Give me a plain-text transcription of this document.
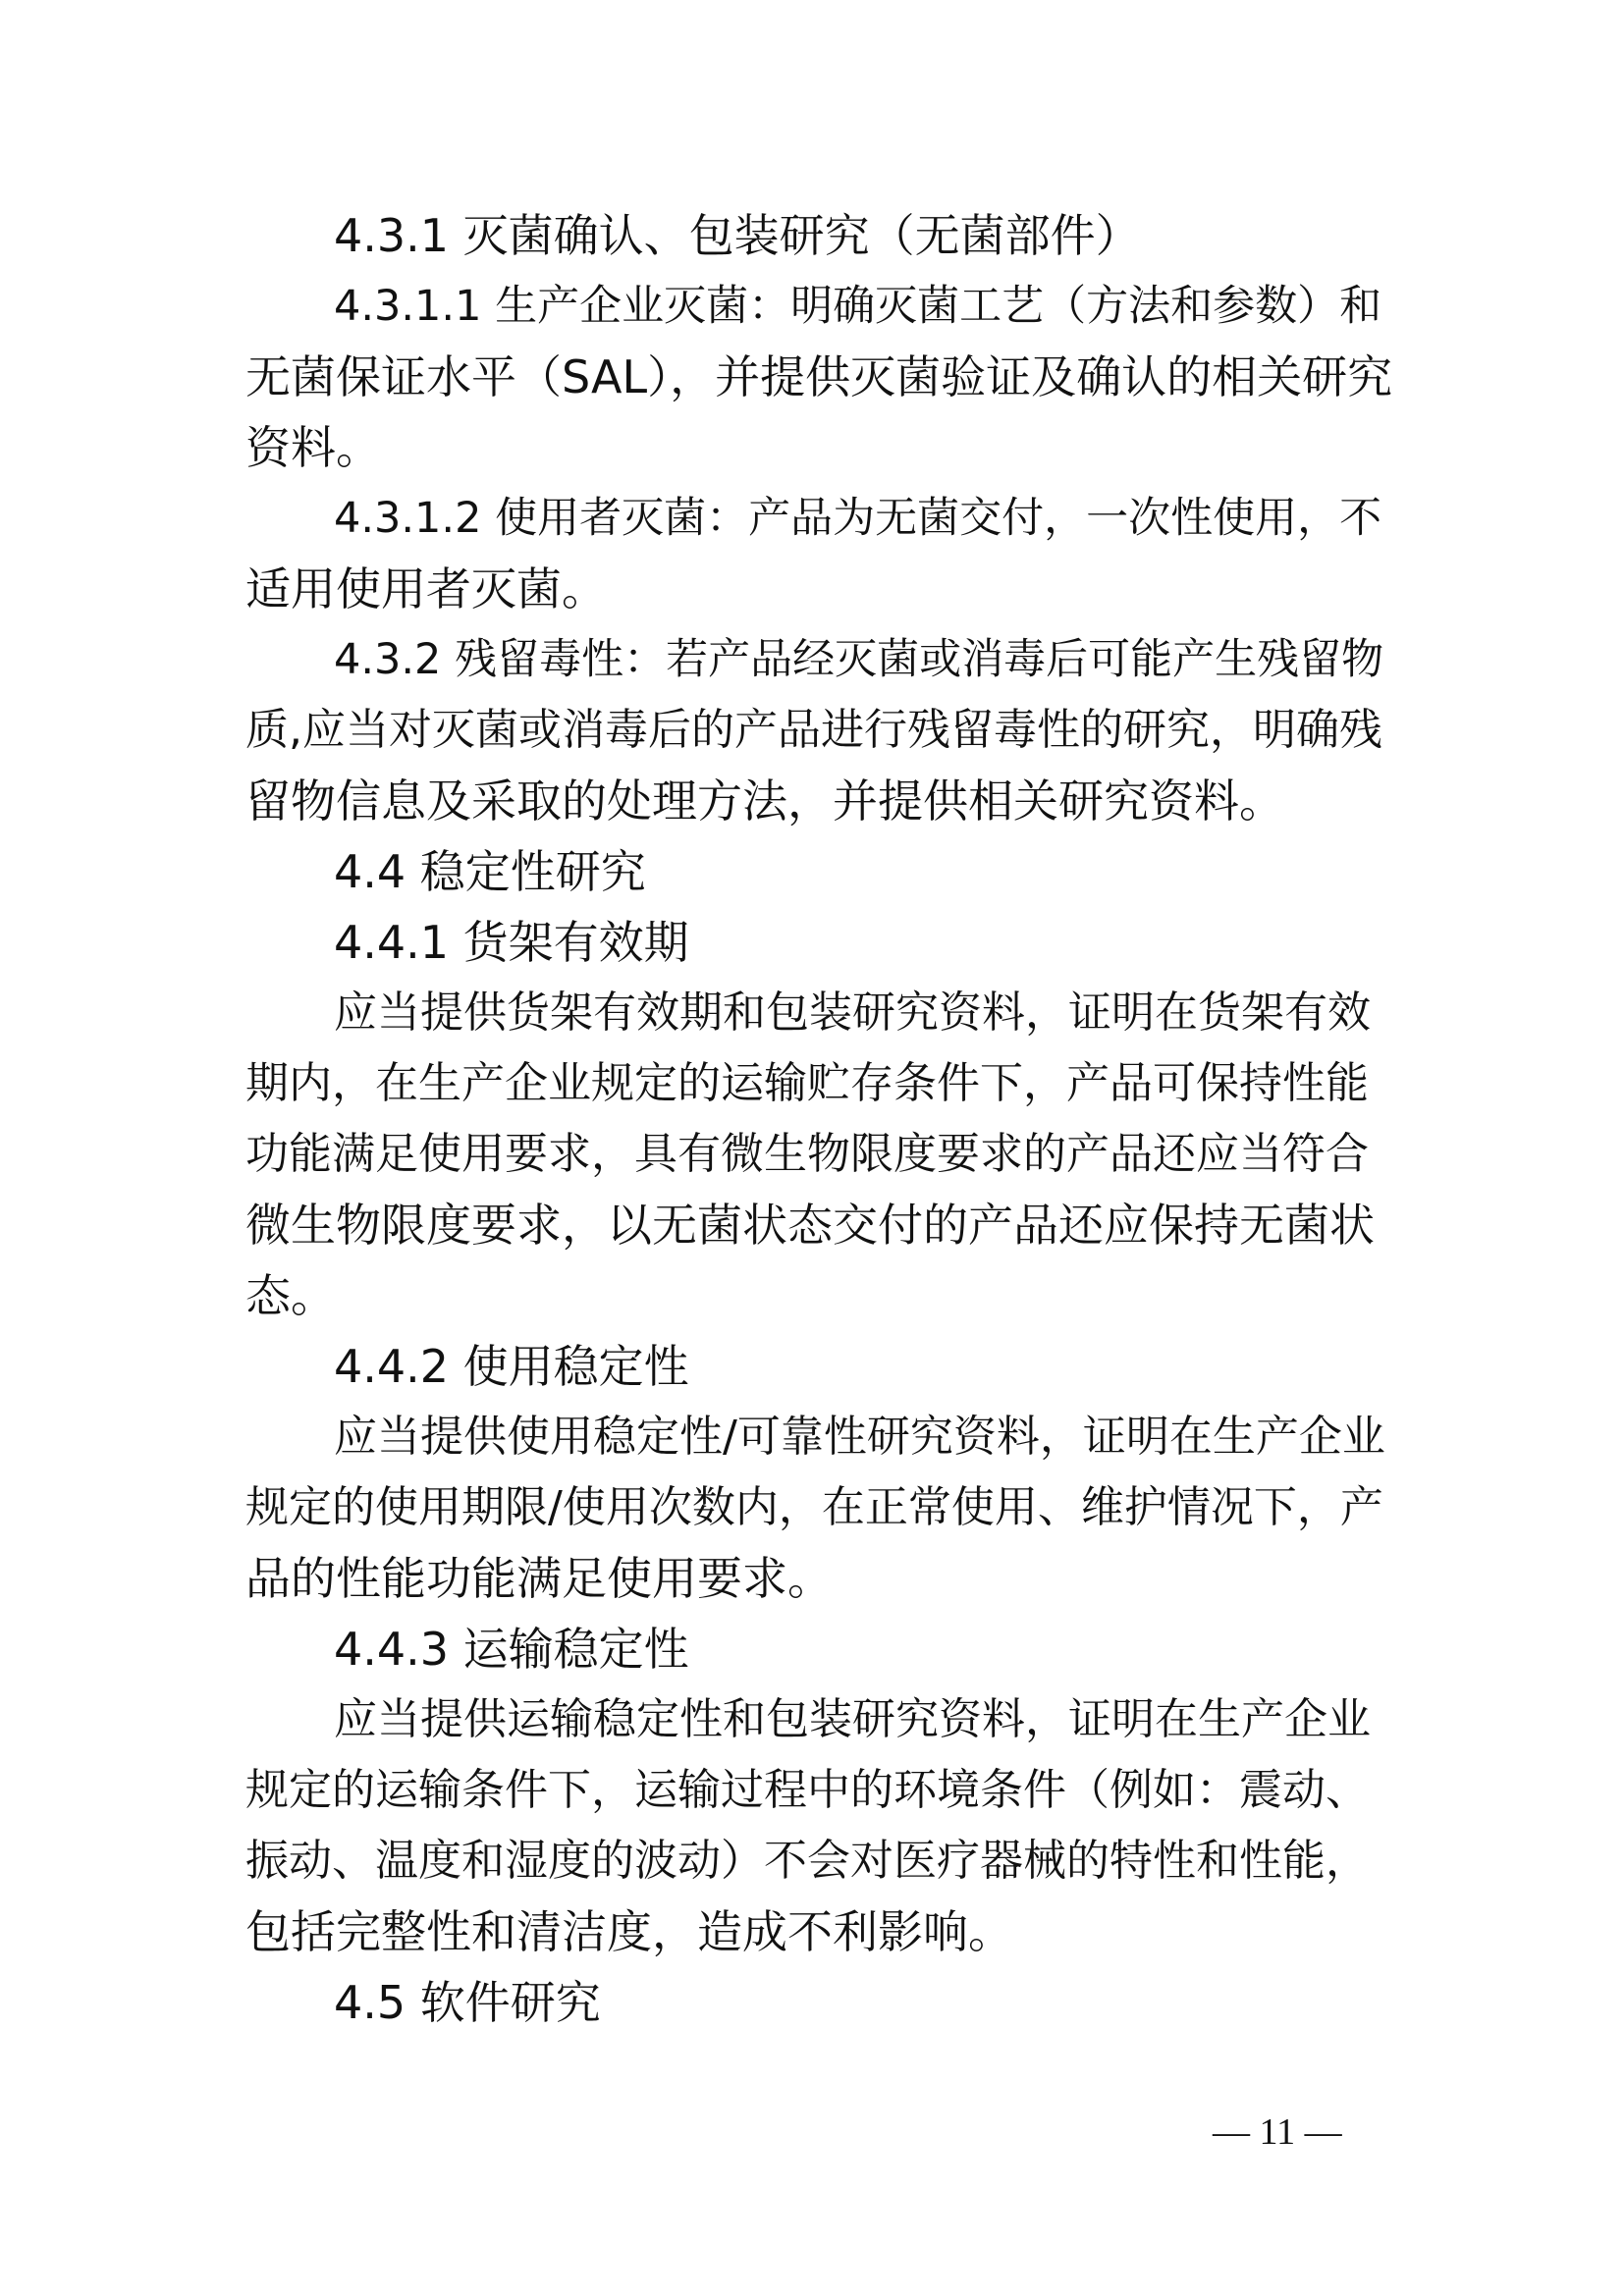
4.3.1 灭菌确认、包装研究（无菌部件）

4.3.1.1 生产企业灭菌：明确灭菌工艺（方法和参数）和

无菌保证水平（SAL），并提供灭菌验证及确认的相关研究

资料。

4.3.1.2 使用者灭菌：产品为无菌交付，一次性使用，不

适用使用者灭菌。

4.3.2 残留毒性：若产品经灭菌或消毒后可能产生残留物

质,应当对灭菌或消毒后的产品进行残留毒性的研究，明确残

留物信息及采取的处理方法，并提供相关研究资料。

4.4 稳定性研究

4.4.1 货架有效期

应当提供货架有效期和包装研究资料，证明在货架有效

期内，在生产企业规定的运输贮存条件下，产品可保持性能

功能满足使用要求，具有微生物限度要求的产品还应当符合

微生物限度要求，以无菌状态交付的产品还应保持无菌状

态。

4.4.2 使用稳定性

应当提供使用稳定性/可靠性研究资料，证明在生产企业

规定的使用期限/使用次数内，在正常使用、维护情况下，产

品的性能功能满足使用要求。

4.4.3 运输稳定性

应当提供运输稳定性和包装研究资料，证明在生产企业

规定的运输条件下，运输过程中的环境条件（例如：震动、

振动、温度和湿度的波动）不会对医疗器械的特性和性能，

包括完整性和清洁度，造成不利影响。

4.5 软件研究

— 11 —
